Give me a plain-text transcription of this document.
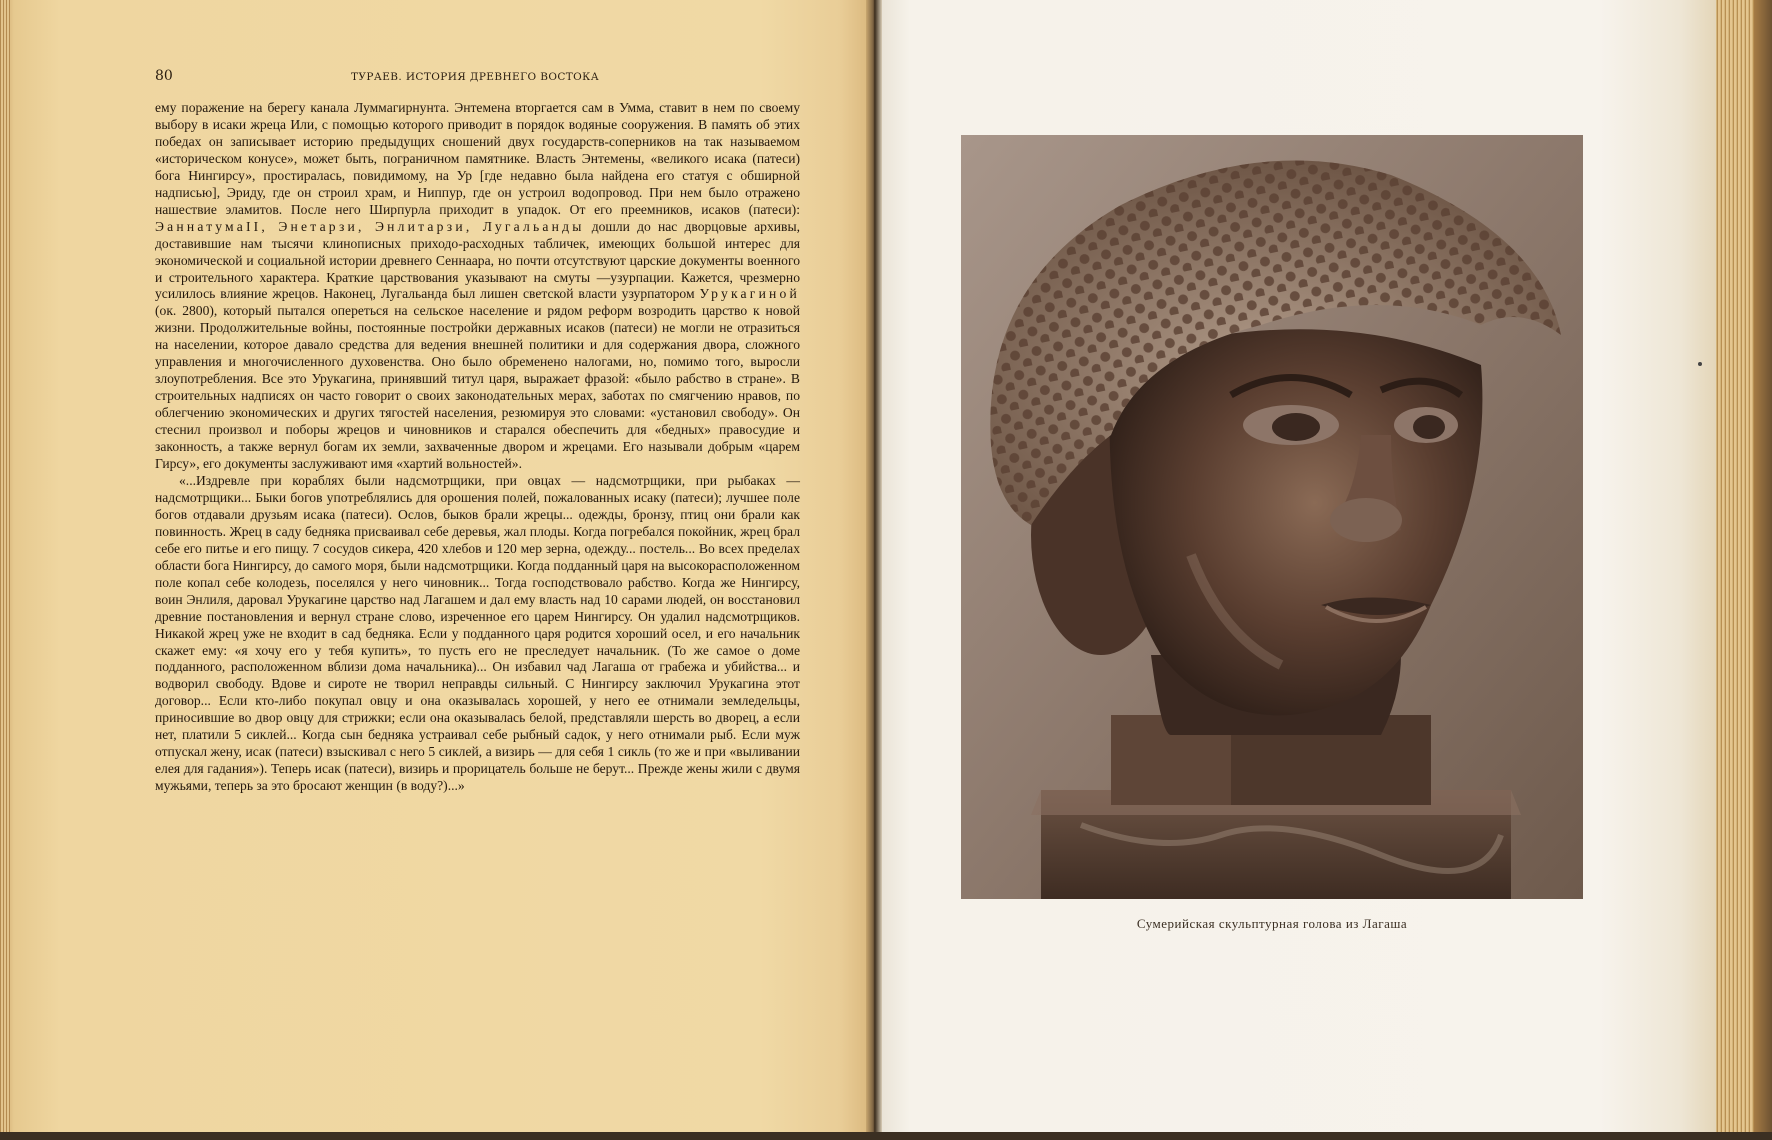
80	ТУРАЕВ. ИСТОРИЯ ДРЕВНЕГО ВОСТОКА

ему поражение на берегу канала Луммагирнунта. Энтемена вторгается сам в Умма, ставит в нем по своему выбору в исаки жреца Или, с помощью которого приводит в порядок водяные сооружения. В память об этих победах он записывает историю предыдущих сношений двух государств-соперников на так называемом «историческом конусе», может быть, пограничном памятнике. Власть Энтемены, «великого исака (патеси) бога Нингирсу», простиралась, повидимому, на Ур [где недавно была найдена его статуя с обширной надписью], Эриду, где он строил храм, и Ниппур, где он устроил водопровод. При нем было отражено нашествие эламитов. После него Ширпурла приходит в упадок. От его преемников, исаков (патеси): ЭаннатумаII, Энетарзи, Энлитарзи, Лугальанды дошли до нас дворцовые архивы, доставившие нам тысячи клинописных приходо-расходных табличек, имеющих большой интерес для экономической и социальной истории древнего Сеннаара, но почти отсутствуют царские документы военного и строительного характера. Краткие царствования указывают на смуты —узурпации. Кажется, чрезмерно усилилось влияние жрецов. Наконец, Лугальанда был лишен светской власти узурпатором Урукагиной (ок. 2800), который пытался опереться на сельское население и рядом реформ возродить царство к новой жизни. Продолжительные войны, постоянные постройки державных исаков (патеси) не могли не отразиться на населении, которое давало средства для ведения внешней политики и для содержания двора, сложного управления и многочисленного духовенства. Оно было обременено налогами, но, помимо того, выросли злоупотребления. Все это Урукагина, принявший титул царя, выражает фразой: «было рабство в стране». В строительных надписях он часто говорит о своих законодательных мерах, заботах по смягчению нравов, по облегчению экономических и других тягостей населения, резюмируя это словами: «установил свободу». Он стеснил произвол и поборы жрецов и чиновников и старался обеспечить для «бедных» правосудие и законность, а также вернул богам их земли, захваченные двором и жрецами. Его называли добрым «царем Гирсу», его документы заслуживают имя «хартий вольностей».

«...Издревле при кораблях были надсмотрщики, при овцах — надсмотрщики, при рыбаках — надсмотрщики... Быки богов употреблялись для орошения полей, пожалованных исаку (патеси); лучшее поле богов отдавали друзьям исака (патеси). Ослов, быков брали жрецы... одежды, бронзу, птиц они брали как повинность. Жрец в саду бедняка присваивал себе деревья, жал плоды. Когда погребался покойник, жрец брал себе его питье и его пищу. 7 сосудов сикера, 420 хлебов и 120 мер зерна, одежду... постель... Во всех пределах области бога Нингирсу, до самого моря, были надсмотрщики. Когда подданный царя на высокорасположенном поле копал себе колодезь, поселялся у него чиновник... Тогда господствовало рабство. Когда же Нингирсу, воин Энлиля, даровал Урукагине царство над Лагашем и дал ему власть над 10 сарами людей, он восстановил древние постановления и вернул стране слово, изреченное его царем Нингирсу. Он удалил надсмотрщиков. Никакой жрец уже не входит в сад бедняка. Если у подданного царя родится хороший осел, и его начальник скажет ему: «я хочу его у тебя купить», то пусть его не преследует начальник. (То же самое о доме подданного, расположенном вблизи дома начальника)... Он избавил чад Лагаша от грабежа и убийства... и водворил свободу. Вдове и сироте не творил неправды сильный. С Нингирсу заключил Урукагина этот договор... Если кто-либо покупал овцу и она оказывалась хорошей, у него ее отнимали земледельцы, приносившие во двор овцу для стрижки; если она оказывалась белой, представляли шерсть во дворец, а если нет, платили 5 сиклей... Когда сын бедняка устраивал себе рыбный садок, у него отнимали рыб. Если муж отпускал жену, исак (патеси) взыскивал с него 5 сиклей, а визирь — для себя 1 сикль (то же и при «выливании елея для гадания»). Теперь исак (патеси), визирь и прорицатель больше не берут... Прежде жены жили с двумя мужьями, теперь за это бросают женщин (в воду?)...»

Сумерийская скульптурная голова из Лагаша
